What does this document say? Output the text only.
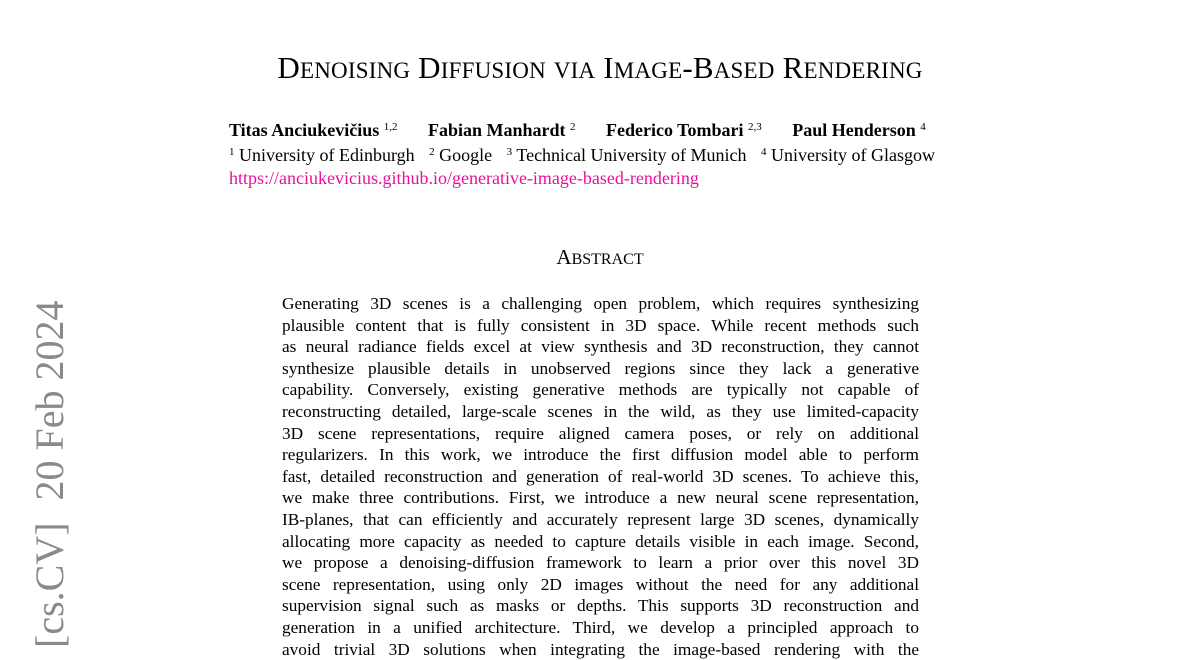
DENOISING DIFFUSION VIA IMAGE-BASED RENDERING
Titas Anciukevičius $^{1,2}$ Fabian Manhardt $^2$ Federico Tombari $^{2,3}$ Paul Henderson $^4$
$^1$ University of Edinburgh $^2$ Google $^3$ Technical University of Munich $^4$ University of Glasgow
https://anciukevicius.github.io/generative-image-based-rendering
ABSTRACT
Generating 3D scenes is a challenging open problem, which requires synthesizing
plausible content that is fully consistent in 3D space. While recent methods such
as neural radiance fields excel at view synthesis and 3D reconstruction, they cannot
synthesize plausible details in unobserved regions since they lack a generative
capability. Conversely, existing generative methods are typically not capable of
reconstructing detailed, large-scale scenes in the wild, as they use limited-capacity
3D scene representations, require aligned camera poses, or rely on additional
regularizers. In this work, we introduce the first diffusion model able to perform
fast, detailed reconstruction and generation of real-world 3D scenes. To achieve this,
we make three contributions. First, we introduce a new neural scene representation,
IB-planes, that can efficiently and accurately represent large 3D scenes, dynamically
allocating more capacity as needed to capture details visible in each image. Second,
we propose a denoising-diffusion framework to learn a prior over this novel 3D
scene representation, using only 2D images without the need for any additional
supervision signal such as masks or depths. This supports 3D reconstruction and
generation in a unified architecture. Third, we develop a principled approach to
avoid trivial 3D solutions when integrating the image-based rendering with the
[cs.CV]20 Feb 2024
